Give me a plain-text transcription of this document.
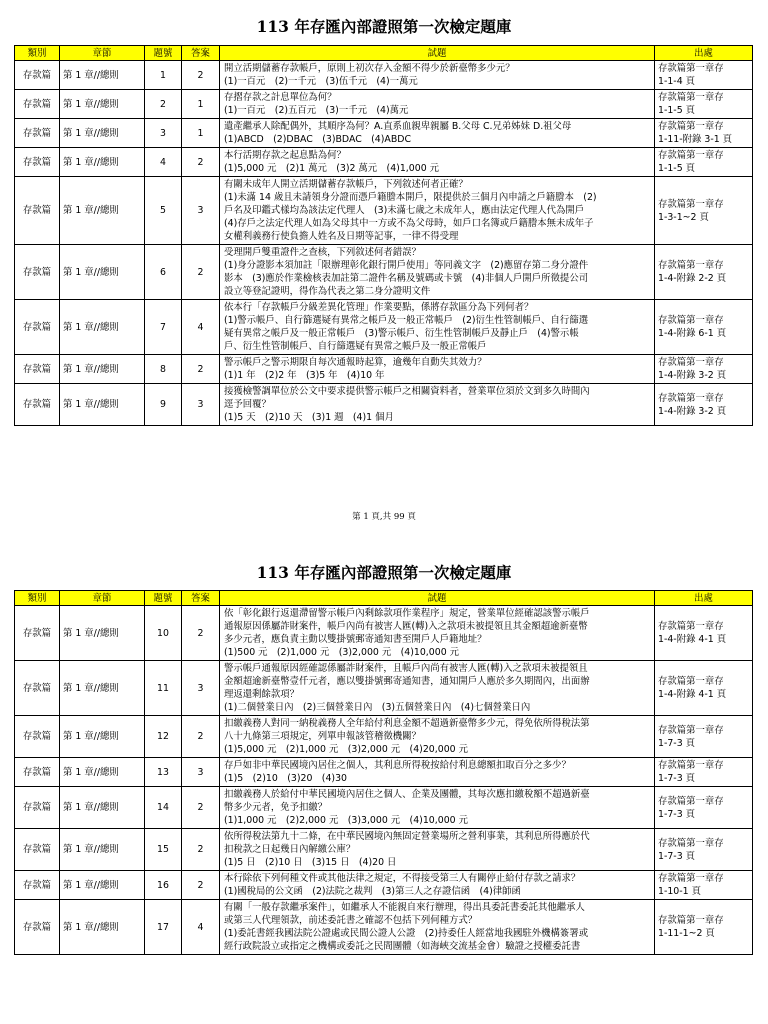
113 年存匯內部證照第一次檢定題庫
類別	章節	題號	答案	試題	出處
存款篇	第 1 章//總則	1	2	開立活期儲蓄存款帳戶，原則上初次存入金額不得少於新臺幣多少元？
(1)一百元　(2)一千元　(3)伍千元　(4)一萬元	存款篇第一章存
1-1-4 頁

存款篇	第 1 章//總則	2	1	存摺存款之計息單位為何？
(1)一百元　(2)五百元　(3)一千元　(4)萬元	存款篇第一章存
1-1-5 頁

存款篇	第 1 章//總則	3	1	遺產繼承人除配偶外，其順序為何？A.直系血親卑親屬 B.父母 C.兄弟姊妹 D.祖父母
(1)ABCD　(2)DBAC　(3)BDAC　(4)ABDC	存款篇第一章存
1-11-附錄 3-1 頁

存款篇	第 1 章//總則	4	2	本行活期存款之起息點為何？
(1)5,000 元　(2)1 萬元　(3)2 萬元　(4)1,000 元	存款篇第一章存
1-1-5 頁

存款篇	第 1 章//總則	5	3	有關未成年人開立活期儲蓄存款帳戶，下列敘述何者正確？
(1)未滿 14 歲且未請領身分證而憑戶籍謄本開戶，限提供於三個月內申請之戶籍謄本　(2)
戶名及印鑑式樣均為該法定代理人　(3)未滿七歲之未成年人，應由法定代理人代為開戶
(4)存戶之法定代理人如為父母其中一方或不為父母時，如戶口名簿或戶籍謄本無未成年子
女權利義務行使負擔人姓名及日期等記事，一律不得受理	存款篇第一章存
1-3-1~2 頁

存款篇	第 1 章//總則	6	2	受理開戶雙重證件之查核，下列敘述何者錯誤？
(1)身分證影本須加註「限辦理彰化銀行開戶使用」等同義文字　(2)應留存第二身分證件
影本　(3)應於作業檢核表加註第二證件名稱及號碼或卡號　(4)非個人戶開戶所徵提公司
設立等登記證明，得作為代表之第二身分證明文件	存款篇第一章存
1-4-附錄 2-2 頁

存款篇	第 1 章//總則	7	4	依本行「存款帳戶分級差異化管理」作業要點，係將存款區分為下列何者？
(1)警示帳戶、自行篩選疑有異常之帳戶及一般正常帳戶　(2)衍生性管制帳戶、自行篩選
疑有異常之帳戶及一般正常帳戶　(3)警示帳戶、衍生性管制帳戶及靜止戶　(4)警示帳
戶、衍生性管制帳戶、自行篩選疑有異常之帳戶及一般正常帳戶	存款篇第一章存
1-4-附錄 6-1 頁

存款篇	第 1 章//總則	8	2	警示帳戶之警示期限自每次通報時起算，逾幾年自動失其效力？
(1)1 年　(2)2 年　(3)5 年　(4)10 年	存款篇第一章存
1-4-附錄 3-2 頁

存款篇	第 1 章//總則	9	3	接獲檢警調單位於公文中要求提供警示帳戶之相關資料者，營業單位須於文到多久時間內
逕予回覆？
(1)5 天　(2)10 天　(3)1 週　(4)1 個月	存款篇第一章存
1-4-附錄 3-2 頁
第 1 頁,共 99 頁
113 年存匯內部證照第一次檢定題庫
類別	章節	題號	答案	試題	出處
存款篇	第 1 章//總則	10	2	依「彰化銀行返還滯留警示帳戶內剩餘款項作業程序」規定，營業單位經確認該警示帳戶
通報原因係屬詐財案件，帳戶內尚有被害人匯(轉)入之款項未被提領且其金額超逾新臺幣
多少元者，應負責主動以雙掛號郵寄通知書至開戶人戶籍地址？
(1)500 元　(2)1,000 元　(3)2,000 元　(4)10,000 元	存款篇第一章存
1-4-附錄 4-1 頁

存款篇	第 1 章//總則	11	3	警示帳戶通報原因經確認係屬詐財案件，且帳戶內尚有被害人匯(轉)入之款項未被提領且
金額超逾新臺幣壹仟元者，應以雙掛號郵寄通知書，通知開戶人應於多久期間內，出面辦
理返還剩餘款項？
(1)二個營業日內　(2)三個營業日內　(3)五個營業日內　(4)七個營業日內	存款篇第一章存
1-4-附錄 4-1 頁

存款篇	第 1 章//總則	12	2	扣繳義務人對同一納稅義務人全年給付利息金額不超過新臺幣多少元，得免依所得稅法第
八十九條第三項規定，列單申報該管稽徵機關？
(1)5,000 元　(2)1,000 元　(3)2,000 元　(4)20,000 元	存款篇第一章存
1-7-3 頁

存款篇	第 1 章//總則	13	3	存戶如非中華民國境內居住之個人，其利息所得稅按給付利息總額扣取百分之多少？
(1)5　(2)10　(3)20　(4)30	存款篇第一章存
1-7-3 頁

存款篇	第 1 章//總則	14	2	扣繳義務人於給付中華民國境內居住之個人、企業及團體，其每次應扣繳稅額不超過新臺
幣多少元者，免予扣繳？
(1)1,000 元　(2)2,000 元　(3)3,000 元　(4)10,000 元	存款篇第一章存
1-7-3 頁

存款篇	第 1 章//總則	15	2	依所得稅法第九十二條，在中華民國境內無固定營業場所之營利事業，其利息所得應於代
扣稅款之日起幾日內解繳公庫？
(1)5 日　(2)10 日　(3)15 日　(4)20 日	存款篇第一章存
1-7-3 頁

存款篇	第 1 章//總則	16	2	本行除依下列何種文件或其他法律之規定，不得接受第三人有關停止給付存款之請求？
(1)國稅局的公文函　(2)法院之裁判　(3)第三人之存證信函　(4)律師函	存款篇第一章存
1-10-1 頁

存款篇	第 1 章//總則	17	4	有關「一般存款繼承案件」，如繼承人不能親自來行辦理，得出具委託書委託其他繼承人
或第三人代理領款，前述委託書之確認不包括下列何種方式？
(1)委託書經我國法院公證處或民間公證人公證　(2)持委任人經當地我國駐外機構簽署或
經行政院設立或指定之機構或委託之民間團體（如海峽交流基金會）驗證之授權委託書	存款篇第一章存
1-11-1~2 頁
